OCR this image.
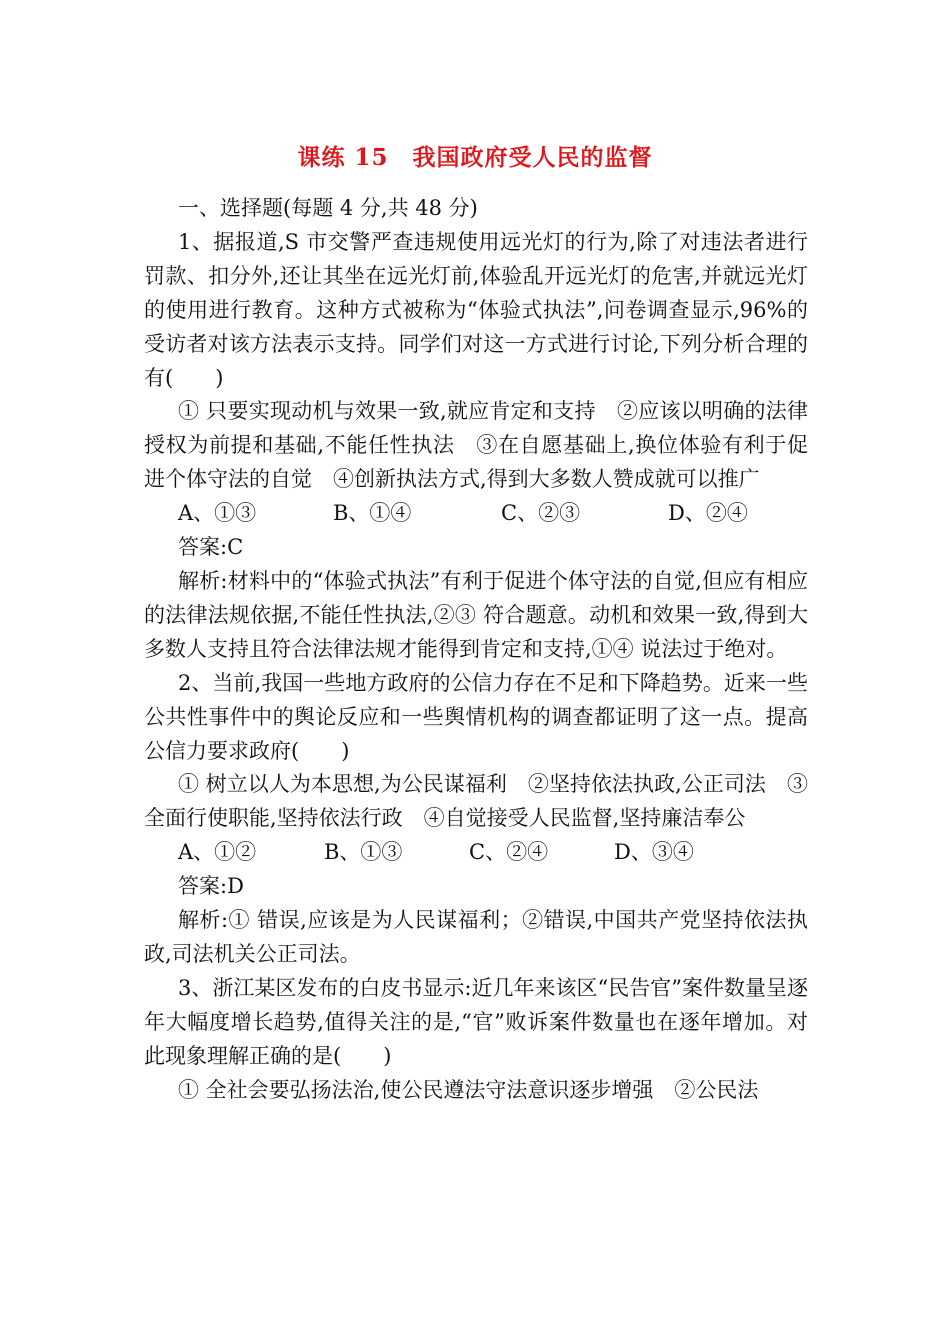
课练 15　我国政府受人民的监督

一、选择题(每题 4 分,共 48 分)

1、据报道,S 市交警严查违规使用远光灯的行为,除了对违法者进行罚款、扣分外,还让其坐在远光灯前,体验乱开远光灯的危害,并就远光灯的使用进行教育。这种方式被称为“体验式执法”,问卷调查显示,96%的受访者对该方法表示支持。同学们对这一方式进行讨论,下列分析合理的有(　　)

① 只要实现动机与效果一致,就应肯定和支持　②应该以明确的法律授权为前提和基础,不能任性执法　③在自愿基础上,换位体验有利于促进个体守法的自觉　④创新执法方式,得到大多数人赞成就可以推广

A、①③	B、①④	C、②③	D、②④

答案:C

解析:材料中的“体验式执法”有利于促进个体守法的自觉,但应有相应的法律法规依据,不能任性执法,②③ 符合题意。动机和效果一致,得到大多数人支持且符合法律法规才能得到肯定和支持,①④ 说法过于绝对。

2、当前,我国一些地方政府的公信力存在不足和下降趋势。近来一些公共性事件中的舆论反应和一些舆情机构的调查都证明了这一点。提高公信力要求政府(　　)

① 树立以人为本思想,为公民谋福利　②坚持依法执政,公正司法　③全面行使职能,坚持依法行政　④自觉接受人民监督,坚持廉洁奉公

A、①②	B、①③	C、②④	D、③④

答案:D

解析:① 错误,应该是为人民谋福利；②错误,中国共产党坚持依法执政,司法机关公正司法。

3、浙江某区发布的白皮书显示:近几年来该区“民告官”案件数量呈逐年大幅度增长趋势,值得关注的是,“官”败诉案件数量也在逐年增加。对此现象理解正确的是(　　)

① 全社会要弘扬法治,使公民遵法守法意识逐步增强　②公民法
